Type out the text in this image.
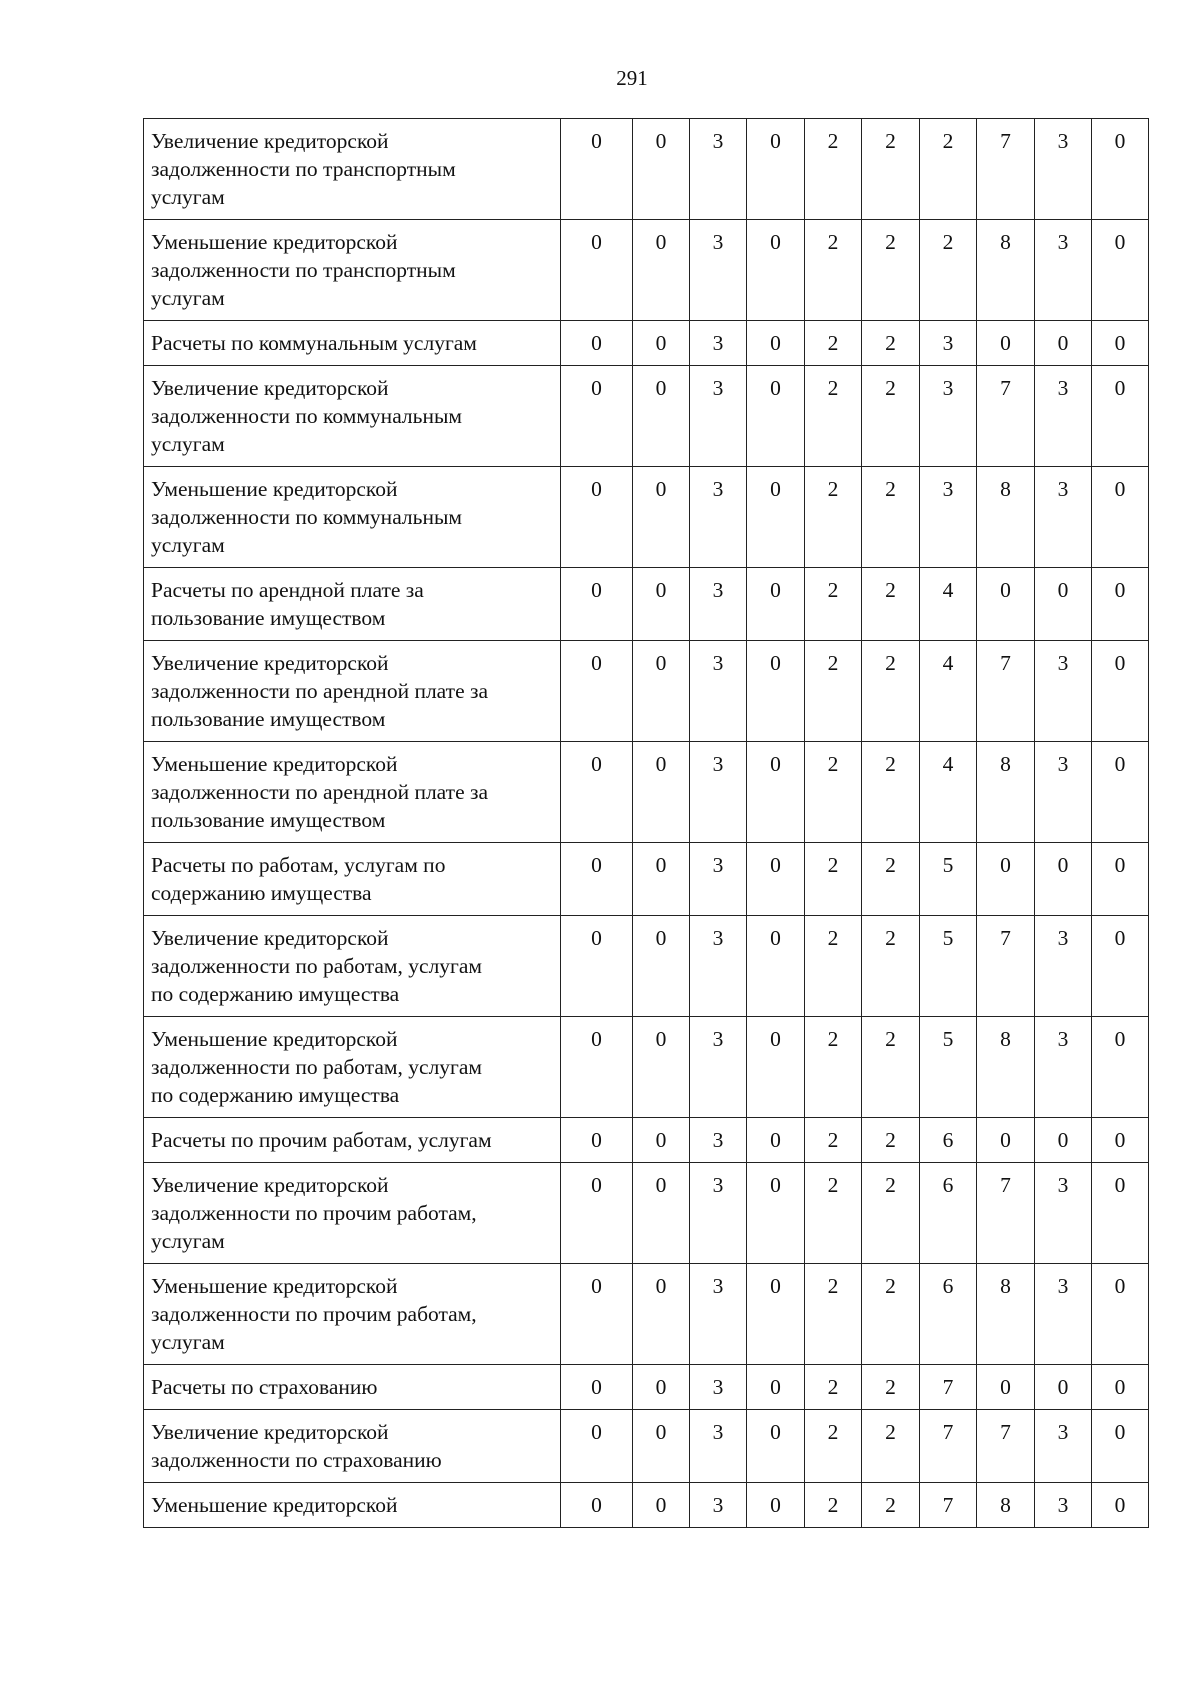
291
Увеличение кредиторской
задолженности по транспортным
услугам	0	0	3	0	2	2	2	7	3	0
Уменьшение кредиторской
задолженности по транспортным
услугам	0	0	3	0	2	2	2	8	3	0
Расчеты по коммунальным услугам	0	0	3	0	2	2	3	0	0	0
Увеличение кредиторской
задолженности по коммунальным
услугам	0	0	3	0	2	2	3	7	3	0
Уменьшение кредиторской
задолженности по коммунальным
услугам	0	0	3	0	2	2	3	8	3	0
Расчеты по арендной плате за
пользование имуществом	0	0	3	0	2	2	4	0	0	0
Увеличение кредиторской
задолженности по арендной плате за
пользование имуществом	0	0	3	0	2	2	4	7	3	0
Уменьшение кредиторской
задолженности по арендной плате за
пользование имуществом	0	0	3	0	2	2	4	8	3	0
Расчеты по работам, услугам по
содержанию имущества	0	0	3	0	2	2	5	0	0	0
Увеличение кредиторской
задолженности по работам, услугам
по содержанию имущества	0	0	3	0	2	2	5	7	3	0
Уменьшение кредиторской
задолженности по работам, услугам
по содержанию имущества	0	0	3	0	2	2	5	8	3	0
Расчеты по прочим работам, услугам	0	0	3	0	2	2	6	0	0	0
Увеличение кредиторской
задолженности по прочим работам,
услугам	0	0	3	0	2	2	6	7	3	0
Уменьшение кредиторской
задолженности по прочим работам,
услугам	0	0	3	0	2	2	6	8	3	0
Расчеты по страхованию	0	0	3	0	2	2	7	0	0	0
Увеличение кредиторской
задолженности по страхованию	0	0	3	0	2	2	7	7	3	0
Уменьшение кредиторской	0	0	3	0	2	2	7	8	3	0
